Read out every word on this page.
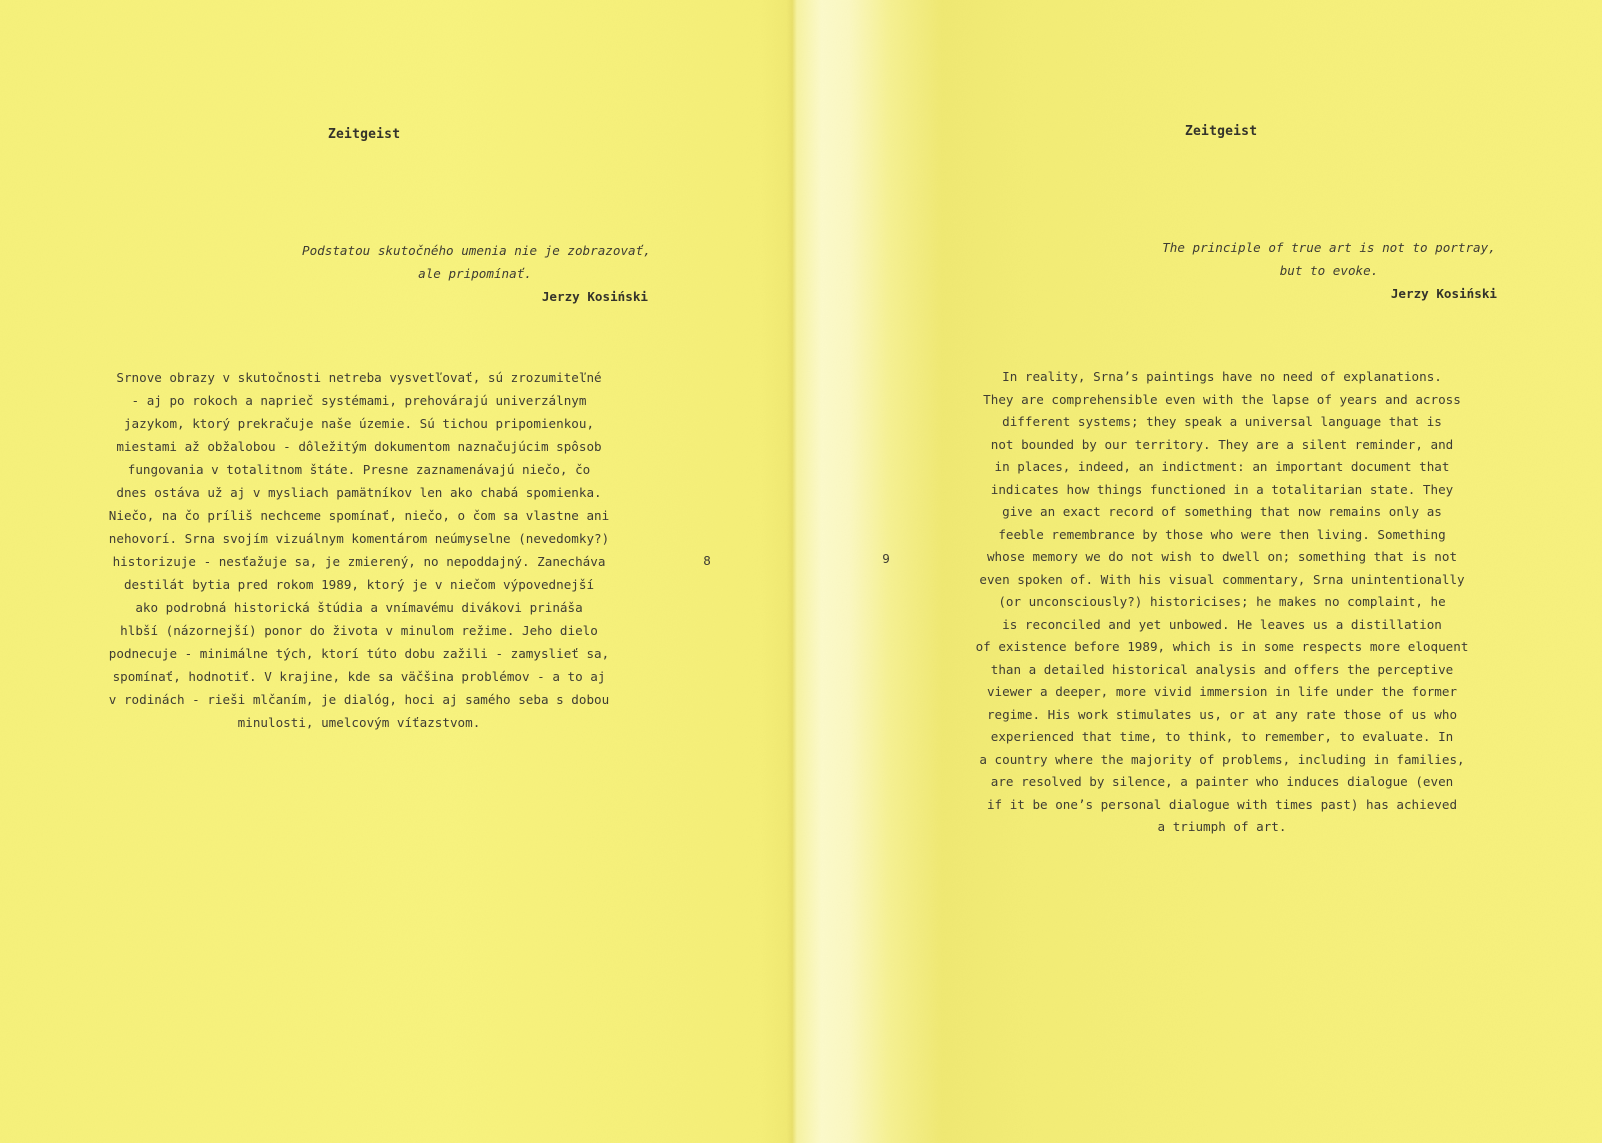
Zeitgeist
Podstatou skutočného umenia nie je zobrazovať,
ale pripomínať.
Jerzy Kosiński
Srnove obrazy v skutočnosti netreba vysvetľovať, sú zrozumiteľné
- aj po rokoch a naprieč systémami, prehovárajú univerzálnym
jazykom, ktorý prekračuje naše územie. Sú tichou pripomienkou,
miestami až obžalobou - dôležitým dokumentom naznačujúcim spôsob
fungovania v totalitnom štáte. Presne zaznamenávajú niečo, čo
dnes ostáva už aj v mysliach pamätníkov len ako chabá spomienka.
Niečo, na čo príliš nechceme spomínať, niečo, o čom sa vlastne ani
nehovorí. Srna svojím vizuálnym komentárom neúmyselne (nevedomky?)
historizuje - nesťažuje sa, je zmierený, no nepoddajný. Zanecháva
destilát bytia pred rokom 1989, ktorý je v niečom výpovednejší
ako podrobná historická štúdia a vnímavému divákovi prináša
hlbší (názornejší) ponor do života v minulom režime. Jeho dielo
podnecuje - minimálne tých, ktorí túto dobu zažili - zamyslieť sa,
spomínať, hodnotiť. V krajine, kde sa väčšina problémov - a to aj
v rodinách - rieši mlčaním, je dialóg, hoci aj samého seba s dobou
minulosti, umelcovým víťazstvom.
8
Zeitgeist
The principle of true art is not to portray,
but to evoke.
Jerzy Kosiński
In reality, Srna’s paintings have no need of explanations.
They are comprehensible even with the lapse of years and across
different systems; they speak a universal language that is
not bounded by our territory. They are a silent reminder, and
in places, indeed, an indictment: an important document that
indicates how things functioned in a totalitarian state. They
give an exact record of something that now remains only as
feeble remembrance by those who were then living. Something
whose memory we do not wish to dwell on; something that is not
even spoken of. With his visual commentary, Srna unintentionally
(or unconsciously?) historicises; he makes no complaint, he
is reconciled and yet unbowed. He leaves us a distillation
of existence before 1989, which is in some respects more eloquent
than a detailed historical analysis and offers the perceptive
viewer a deeper, more vivid immersion in life under the former
regime. His work stimulates us, or at any rate those of us who
experienced that time, to think, to remember, to evaluate. In
a country where the majority of problems, including in families,
are resolved by silence, a painter who induces dialogue (even
if it be one’s personal dialogue with times past) has achieved
a triumph of art.
9
